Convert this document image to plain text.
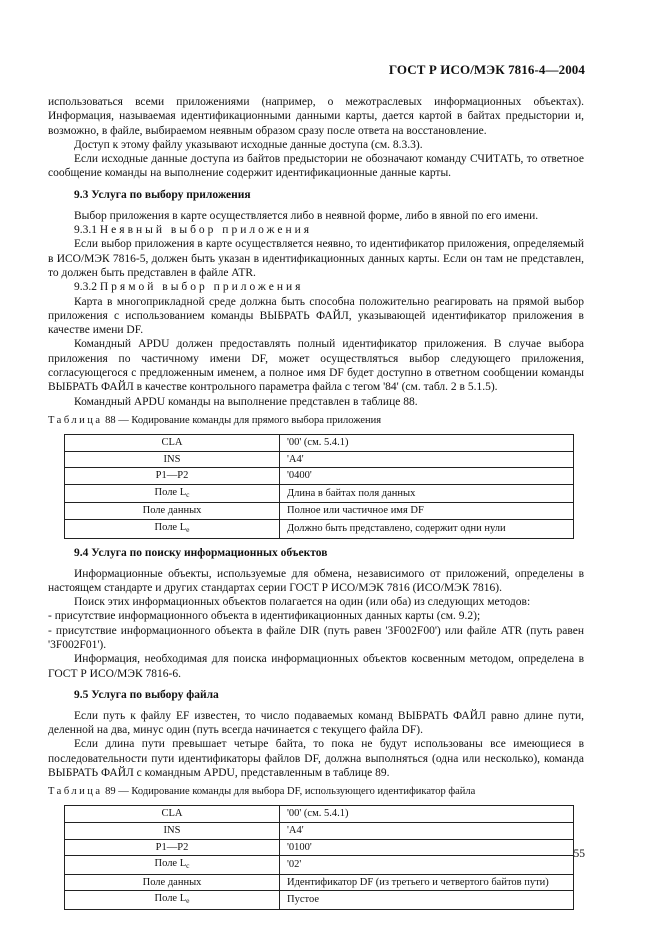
ГОСТ Р ИСО/МЭК 7816-4—2004

использоваться всеми приложениями (например, о межотраслевых информационных объектах). Информация, называемая идентификационными данными карты, дается картой в байтах предыстории и, возможно, в файле, выбираемом неявным образом сразу после ответа на восстановление.

Доступ к этому файлу указывают исходные данные доступа (см. 8.3.3).

Если исходные данные доступа из байтов предыстории не обозначают команду СЧИТАТЬ, то ответное сообщение команды на выполнение содержит идентификационные данные карты.

9.3 Услуга по выбору приложения

Выбор приложения в карте осуществляется либо в неявной форме, либо в явной по его имени.

9.3.1 Неявный выбор приложения

Если выбор приложения в карте осуществляется неявно, то идентификатор приложения, определяемый в ИСО/МЭК 7816-5, должен быть указан в идентификационных данных карты. Если он там не представлен, то должен быть представлен в файле ATR.

9.3.2 Прямой выбор приложения

Карта в многоприкладной среде должна быть способна положительно реагировать на прямой выбор приложения с использованием команды ВЫБРАТЬ ФАЙЛ, указывающей идентификатор приложения в качестве имени DF.

Командный APDU должен предоставлять полный идентификатор приложения. В случае выбора приложения по частичному имени DF, может осуществляться выбор следующего приложения, согласующегося с предложенным именем, а полное имя DF будет доступно в ответном сообщении команды ВЫБРАТЬ ФАЙЛ в качестве контрольного параметра файла с тегом '84' (см. табл. 2 в 5.1.5).

Командный APDU команды на выполнение представлен в таблице 88.

Таблица 88 — Кодирование команды для прямого выбора приложения

CLA	'00' (см. 5.4.1)
INS	'A4'
P1—P2	'0400'
Поле Lc	Длина в байтах поля данных
Поле данных	Полное или частичное имя DF
Поле Le	Должно быть представлено, содержит одни нули
9.4 Услуга по поиску информационных объектов

Информационные объекты, используемые для обмена, независимого от приложений, определены в настоящем стандарте и других стандартах серии ГОСТ Р ИСО/МЭК 7816 (ИСО/МЭК 7816).

Поиск этих информационных объектов полагается на один (или оба) из следующих методов:

- присутствие информационного объекта в идентификационных данных карты (см. 9.2);

- присутствие информационного объекта в файле DIR (путь равен '3F002F00') или файле ATR (путь равен '3F002F01').

Информация, необходимая для поиска информационных объектов косвенным методом, определена в ГОСТ Р ИСО/МЭК 7816-6.

9.5 Услуга по выбору файла

Если путь к файлу EF известен, то число подаваемых команд ВЫБРАТЬ ФАЙЛ равно длине пути, деленной на два, минус один (путь всегда начинается с текущего файла DF).

Если длина пути превышает четыре байта, то пока не будут использованы все имеющиеся в последовательности пути идентификаторы файлов DF, должна выполняться (одна или несколько), команда ВЫБРАТЬ ФАЙЛ с командным APDU, представленным в таблице 89.

Таблица 89 — Кодирование команды для выбора DF, использующего идентификатор файла

CLA	'00' (см. 5.4.1)
INS	'A4'
P1—P2	'0100'
Поле Lc	'02'
Поле данных	Идентификатор DF (из третьего и четвертого байтов пути)
Поле Le	Пустое
55
